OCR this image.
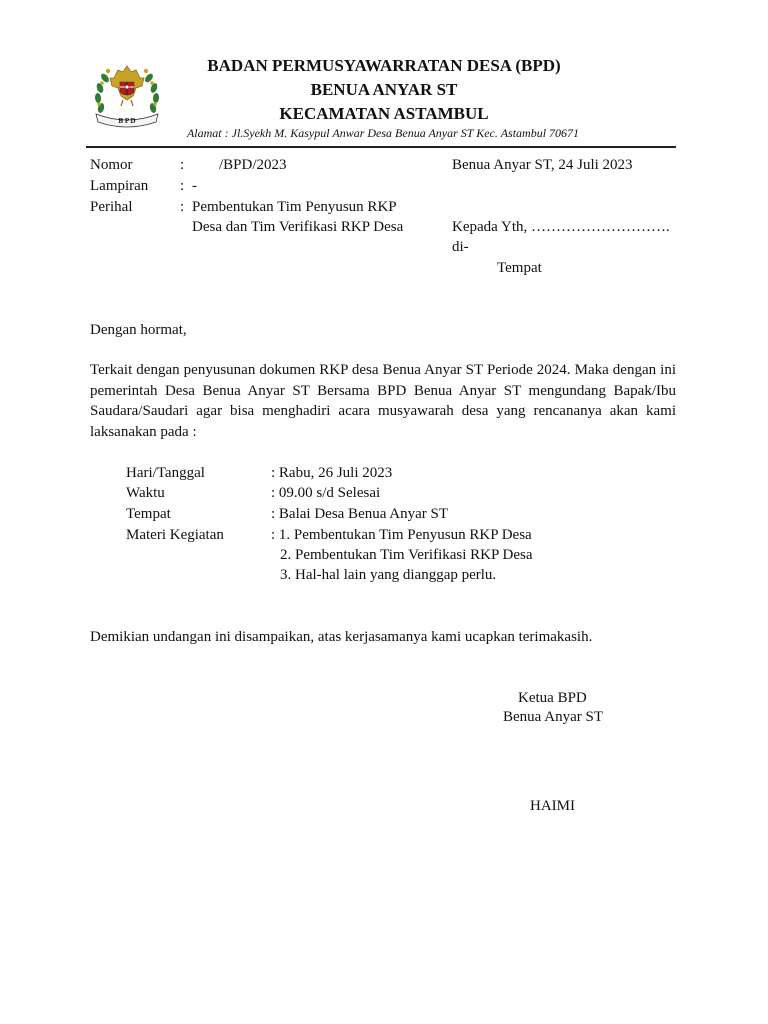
B P D
BADAN PERMUSYAWARRATAN DESA (BPD)
BENUA ANYAR ST
KECAMATAN ASTAMBUL
Alamat : Jl.Syekh M. Kasypul Anwar Desa Benua Anyar ST Kec. Astambul 70671
Nomor	: /BPD/2023
Lampiran : -
Perihal	: Pembentukan Tim Penyusun RKP
Desa dan Tim Verifikasi RKP Desa
Benua Anyar ST, 24 Juli 2023
Kepada Yth, ……………………….
di-
Tempat
Dengan hormat,
Terkait dengan penyusunan dokumen RKP desa Benua Anyar ST Periode 2024. Maka dengan ini pemerintah Desa Benua Anyar ST Bersama BPD Benua Anyar ST mengundang Bapak/Ibu Saudara/Saudari agar bisa menghadiri acara musyawarah desa yang rencananya akan kami laksanakan pada :
Hari/Tanggal	: Rabu, 26 Juli 2023
Waktu	: 09.00 s/d Selesai
Tempat	: Balai Desa Benua Anyar ST
Materi Kegiatan	: 1. Pembentukan Tim Penyusun RKP Desa
2. Pembentukan Tim Verifikasi RKP Desa
3. Hal-hal lain yang dianggap perlu.
Demikian undangan ini disampaikan, atas kerjasamanya kami ucapkan terimakasih.
Ketua BPD
Benua Anyar ST
HAIMI
